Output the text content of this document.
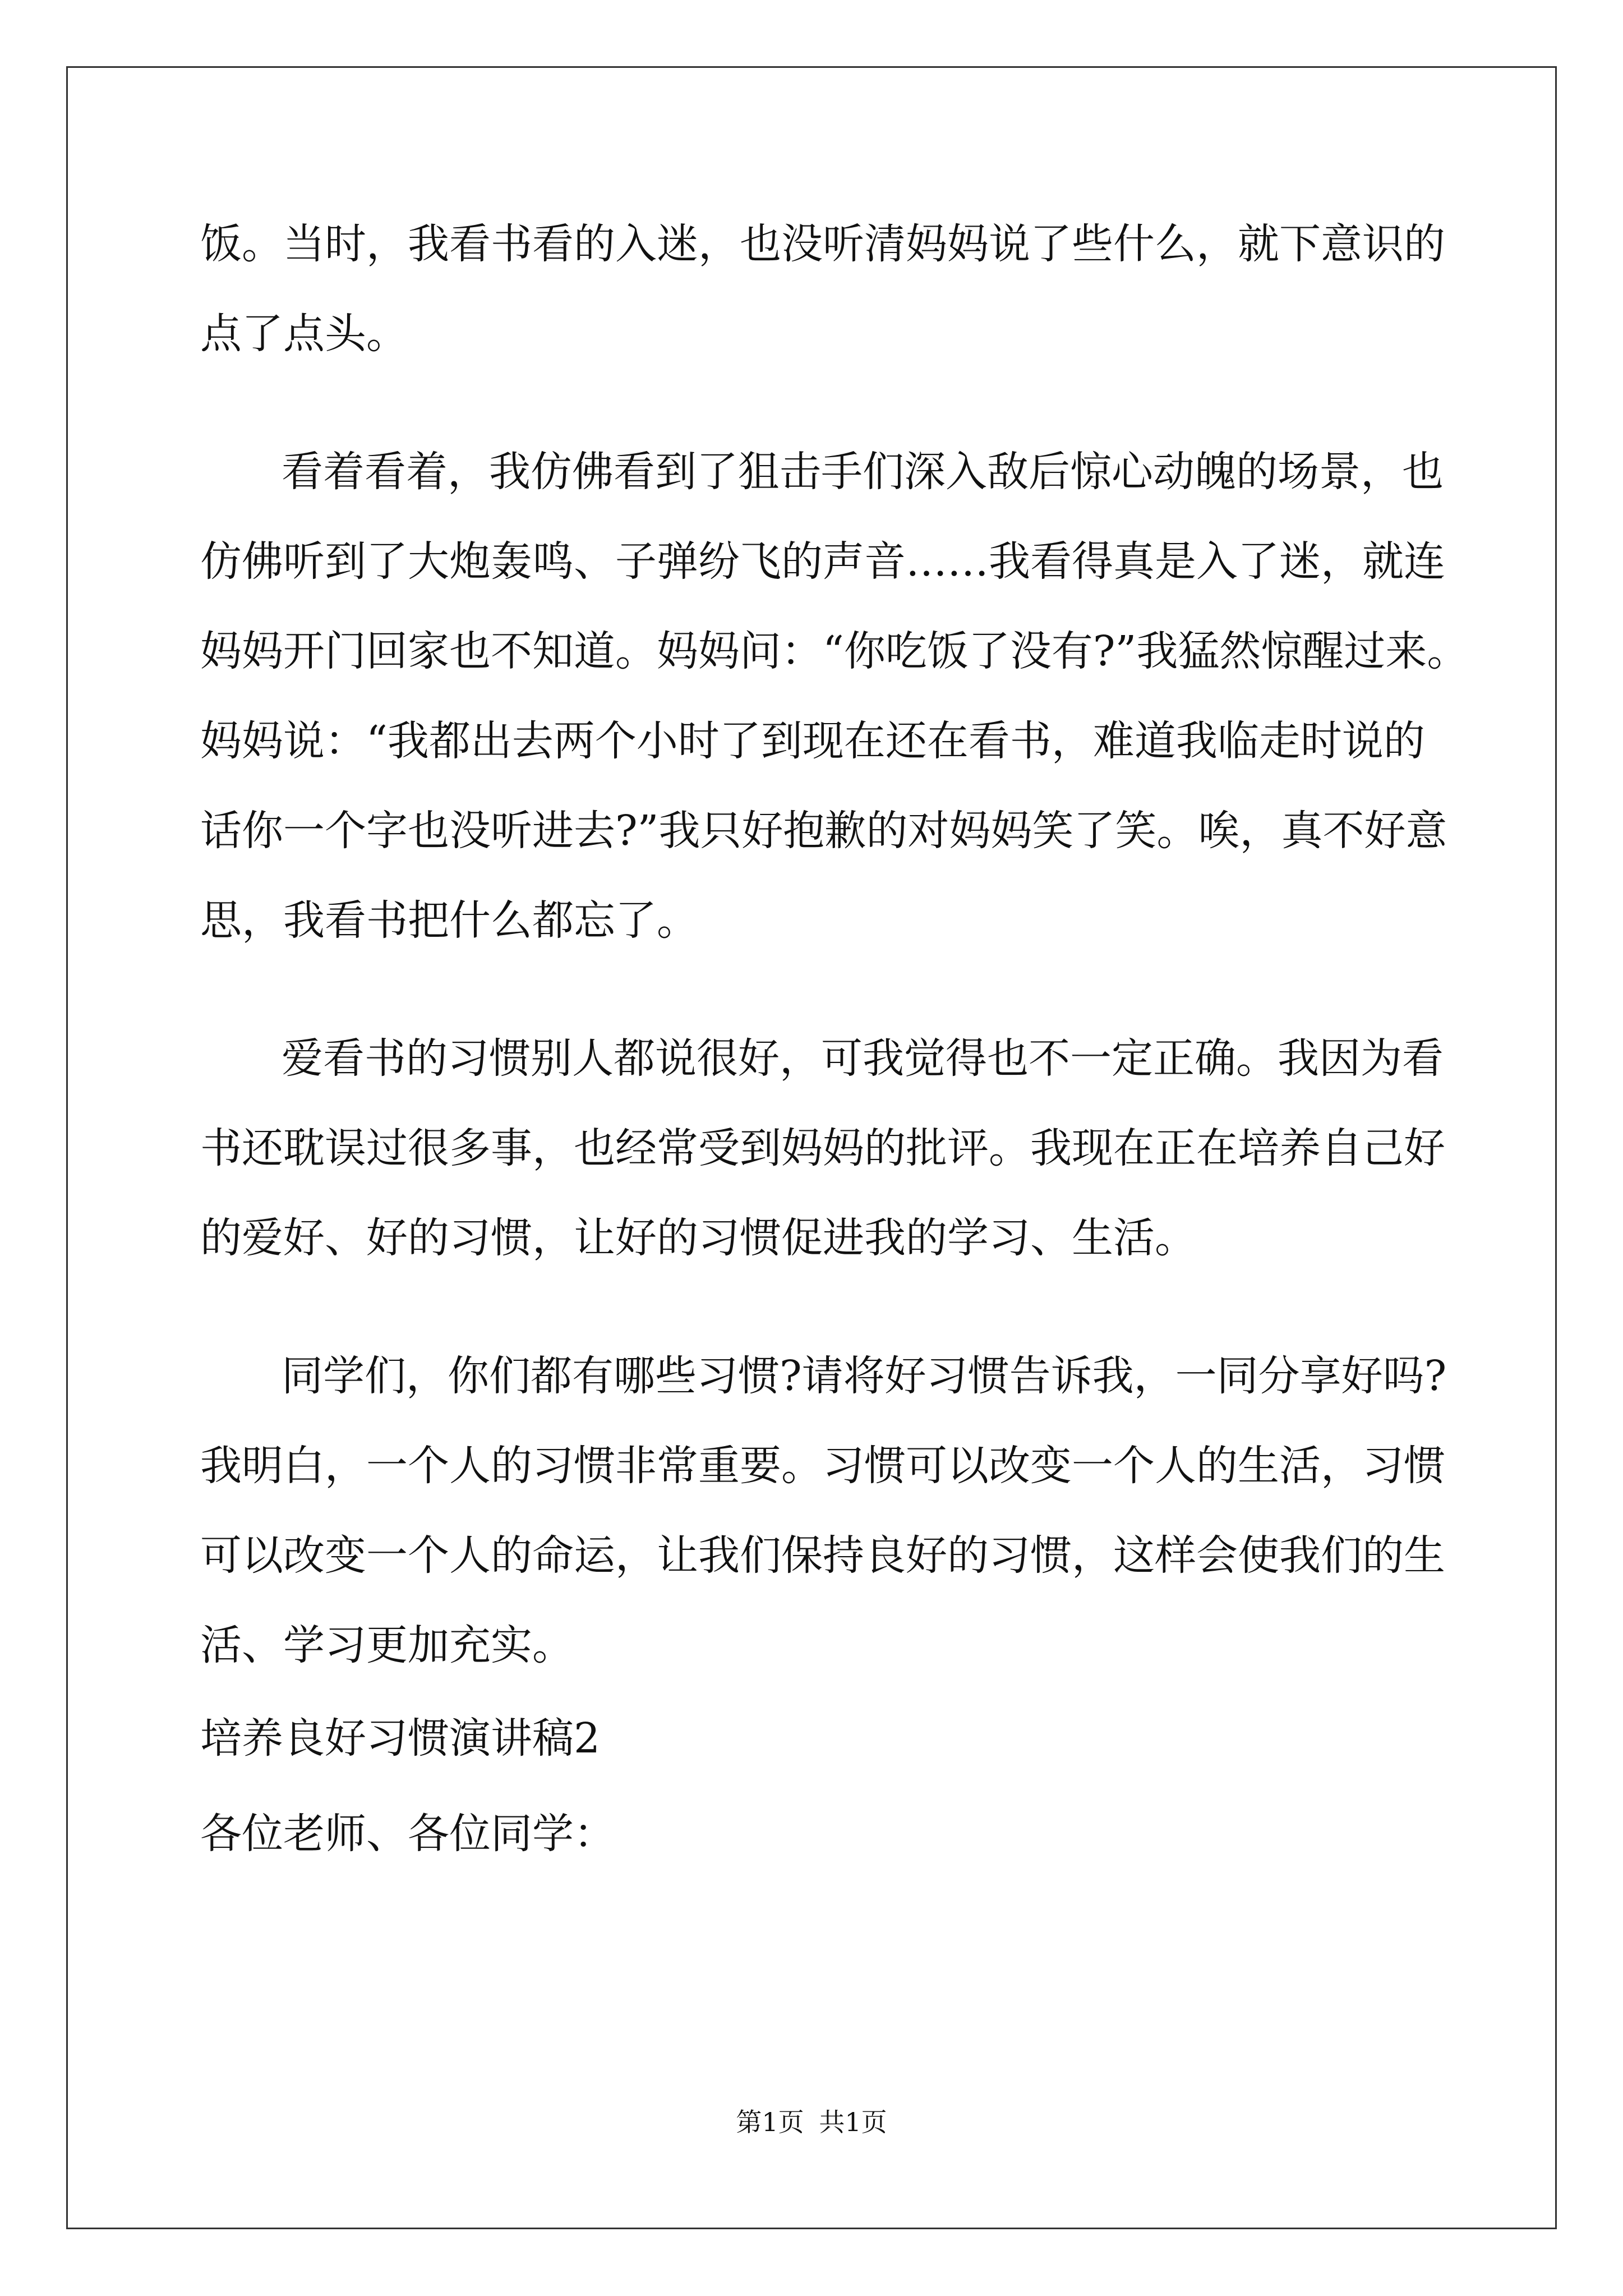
饭。当时，我看书看的入迷，也没听清妈妈说了些什么，就下意识的
点了点头。
看着看着，我仿佛看到了狙击手们深入敌后惊心动魄的场景，也
仿佛听到了大炮轰鸣、子弹纷飞的声音……我看得真是入了迷，就连
妈妈开门回家也不知道。妈妈问：“你吃饭了没有?”我猛然惊醒过来。
妈妈说：“我都出去两个小时了到现在还在看书，难道我临走时说的
话你一个字也没听进去?”我只好抱歉的对妈妈笑了笑。唉，真不好意
思，我看书把什么都忘了。
爱看书的习惯别人都说很好，可我觉得也不一定正确。我因为看
书还耽误过很多事，也经常受到妈妈的批评。我现在正在培养自己好
的爱好、好的习惯，让好的习惯促进我的学习、生活。
同学们，你们都有哪些习惯?请将好习惯告诉我，一同分享好吗?
我明白，一个人的习惯非常重要。习惯可以改变一个人的生活，习惯
可以改变一个人的命运，让我们保持良好的习惯，这样会使我们的生
活、学习更加充实。
培养良好习惯演讲稿2
各位老师、各位同学：
第1页 共1页
